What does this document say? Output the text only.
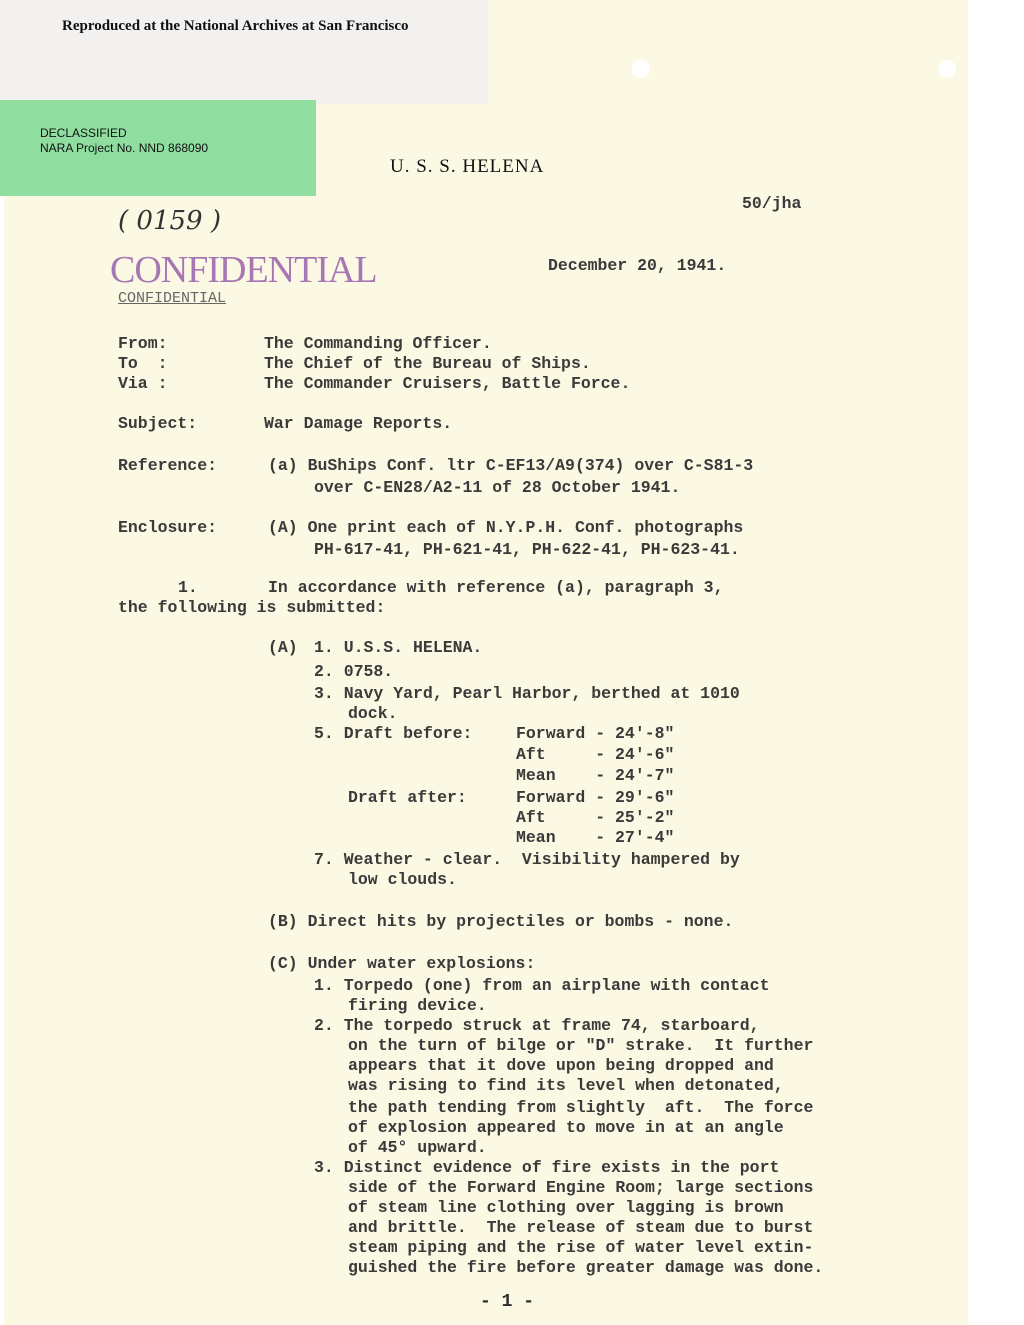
Reproduced at the National Archives at San Francisco
DECLASSIFIED
NARA Project No. NND 868090
U. S. S. HELENA
( 0159 )
50/jha
CONFIDENTIAL
CONFIDENTIAL
December 20, 1941.
From:	The Commanding Officer.
To  :	The Chief of the Bureau of Ships.
Via :	The Commander Cruisers, Battle Force.
Subject:	War Damage Reports.
Reference:	(a) BuShips Conf. ltr C-EF13/A9(374) over C-S81-3
over C-EN28/A2-11 of 28 October 1941.
Enclosure:	(A) One print each of N.Y.P.H. Conf. photographs
PH-617-41, PH-621-41, PH-622-41, PH-623-41.
1.	In accordance with reference (a), paragraph 3,
the following is submitted:
(A) 1. U.S.S. HELENA.
2. 0758.
3. Navy Yard, Pearl Harbor, berthed at 1010
dock.
5. Draft before:	Forward - 24'-8"
Aft     - 24'-6"
Mean    - 24'-7"
Draft after:	Forward - 29'-6"
Aft     - 25'-2"
Mean    - 27'-4"
7. Weather - clear.  Visibility hampered by
low clouds.
(B) Direct hits by projectiles or bombs - none.
(C) Under water explosions:
1. Torpedo (one) from an airplane with contact
firing device.
2. The torpedo struck at frame 74, starboard,
on the turn of bilge or "D" strake.  It further
appears that it dove upon being dropped and
was rising to find its level when detonated,
the path tending from slightly  aft.  The force
of explosion appeared to move in at an angle
of 45° upward.
3. Distinct evidence of fire exists in the port
side of the Forward Engine Room; large sections
of steam line clothing over lagging is brown
and brittle.  The release of steam due to burst
steam piping and the rise of water level extin-
guished the fire before greater damage was done.
- 1 -
